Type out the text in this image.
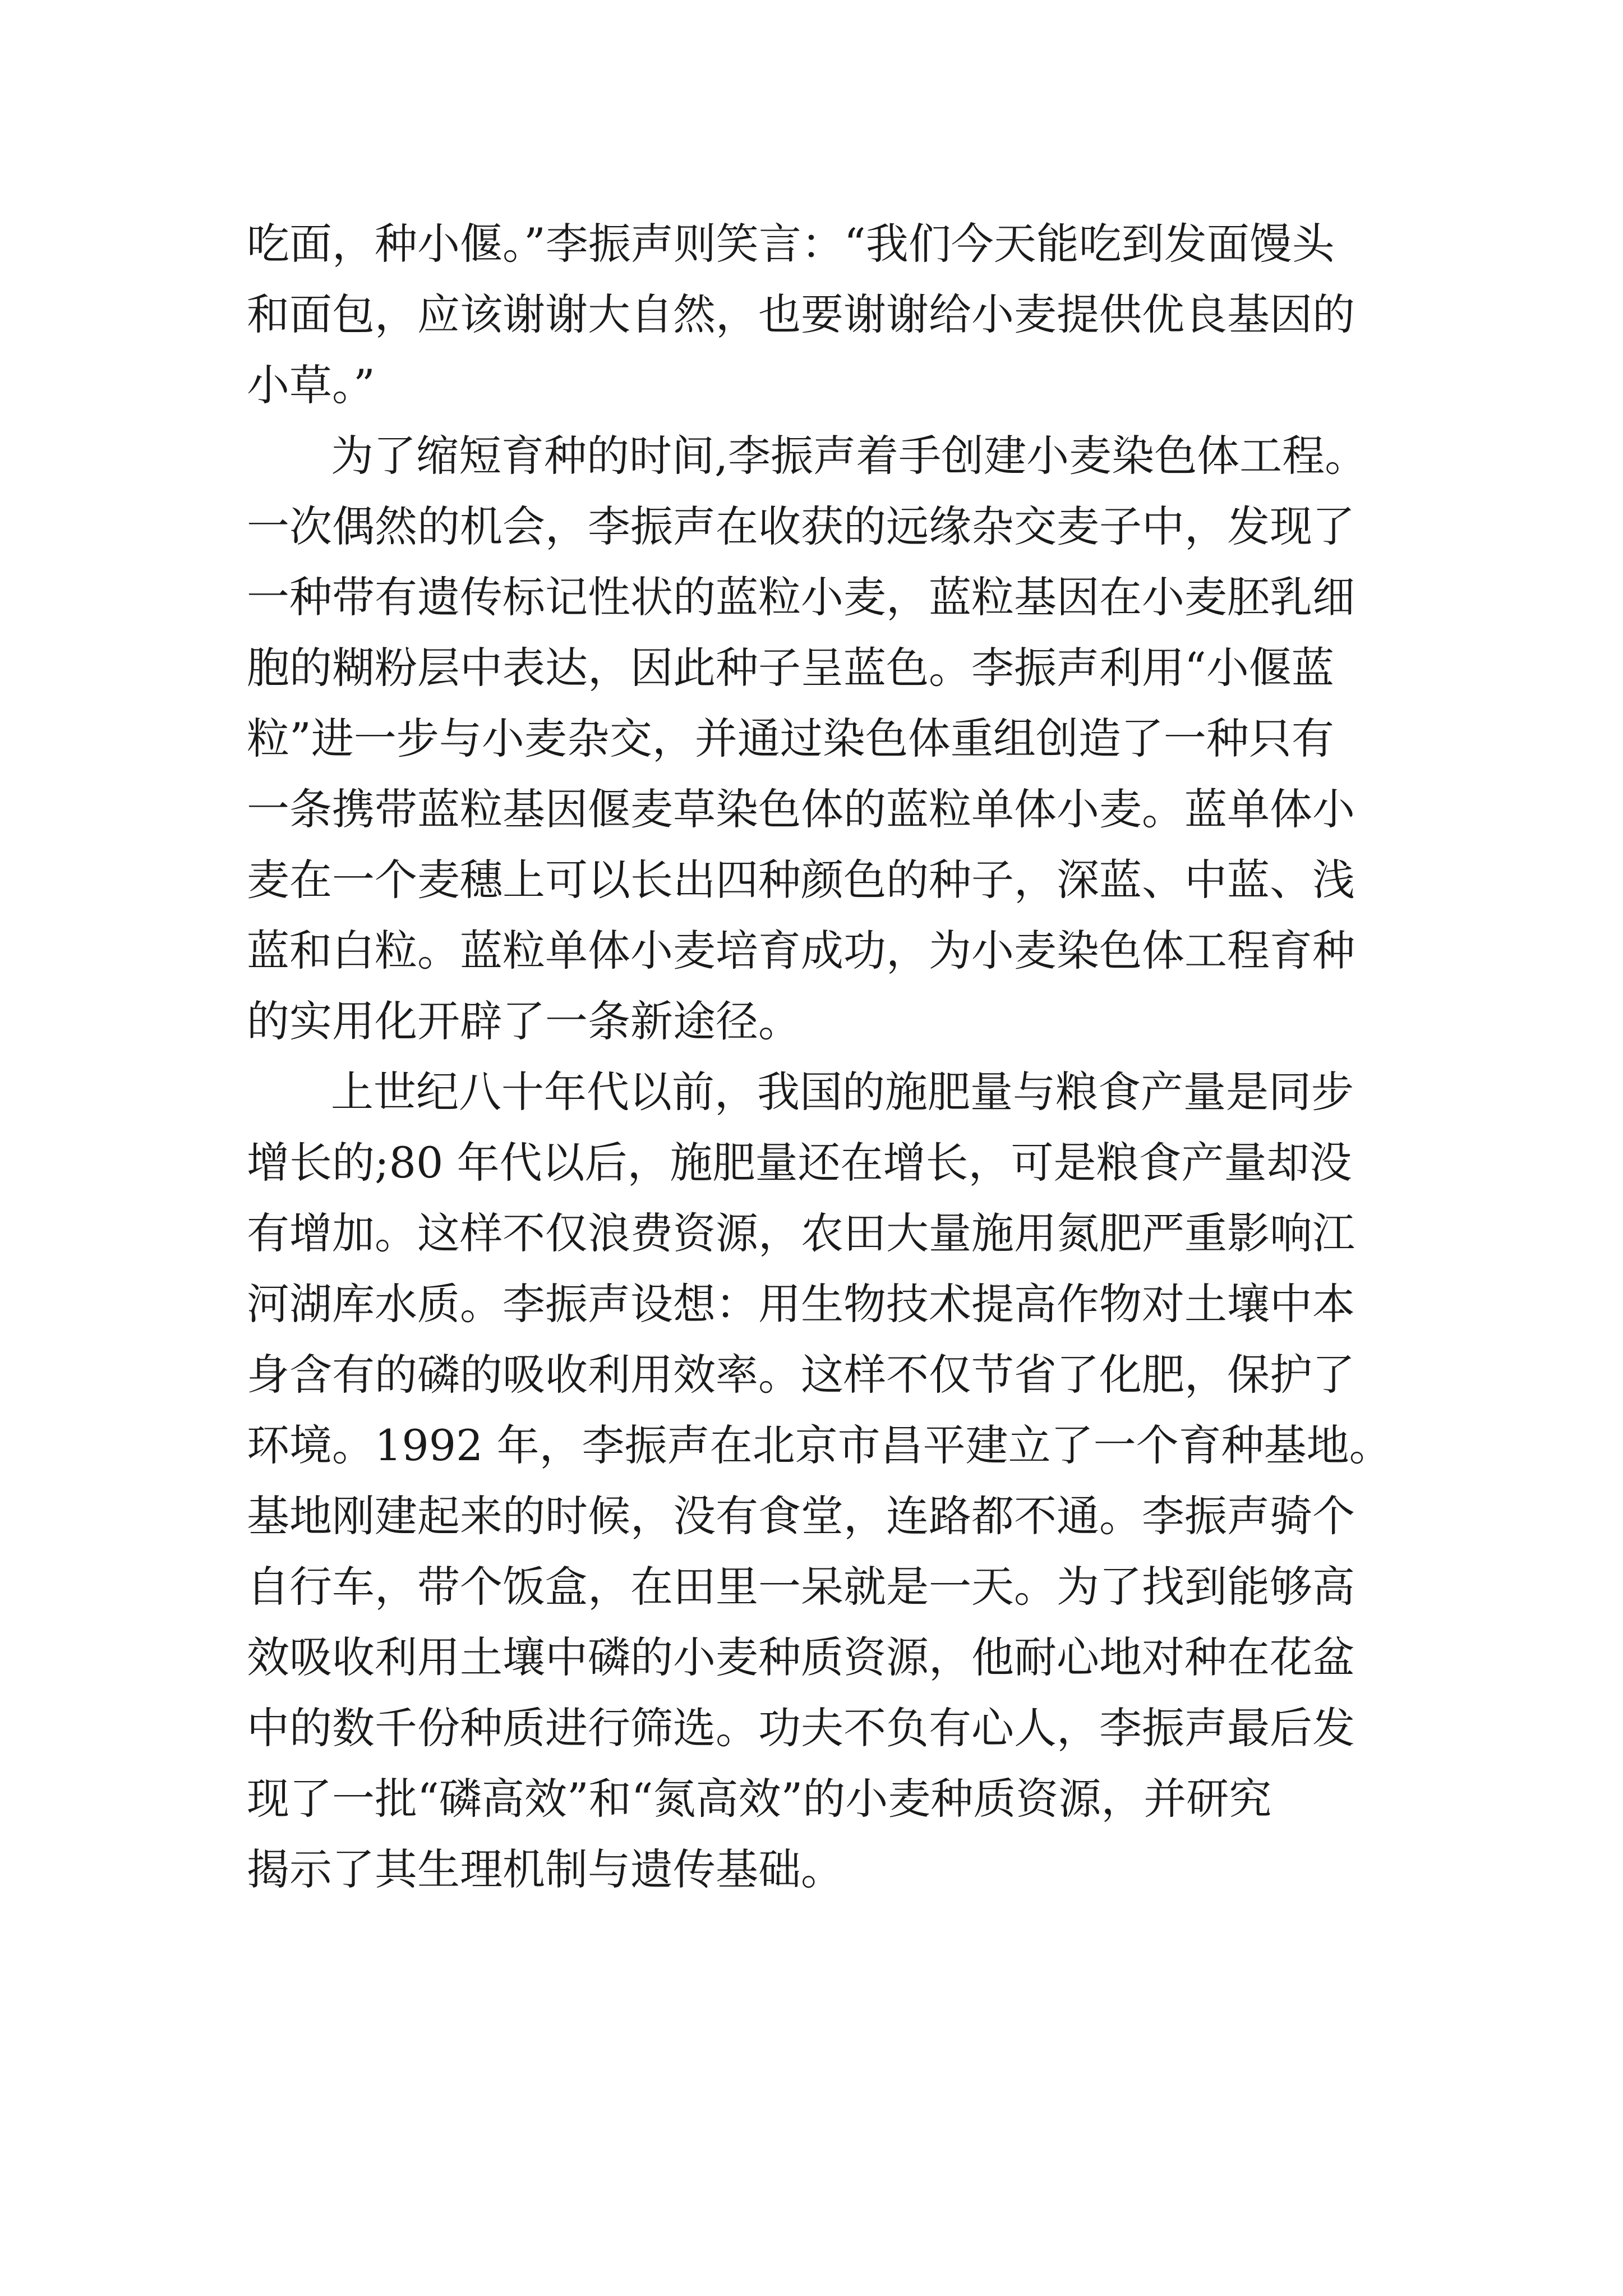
吃面，种小偃。”李振声则笑言：“我们今天能吃到发面馒头
和面包，应该谢谢大自然，也要谢谢给小麦提供优良基因的
小草。”
为了缩短育种的时间,李振声着手创建小麦染色体工程。
一次偶然的机会，李振声在收获的远缘杂交麦子中，发现了
一种带有遗传标记性状的蓝粒小麦，蓝粒基因在小麦胚乳细
胞的糊粉层中表达，因此种子呈蓝色。李振声利用“小偃蓝
粒”进一步与小麦杂交，并通过染色体重组创造了一种只有
一条携带蓝粒基因偃麦草染色体的蓝粒单体小麦。蓝单体小
麦在一个麦穗上可以长出四种颜色的种子，深蓝、中蓝、浅
蓝和白粒。蓝粒单体小麦培育成功，为小麦染色体工程育种
的实用化开辟了一条新途径。
上世纪八十年代以前，我国的施肥量与粮食产量是同步
增长的;80 年代以后，施肥量还在增长，可是粮食产量却没
有增加。这样不仅浪费资源，农田大量施用氮肥严重影响江
河湖库水质。李振声设想：用生物技术提高作物对土壤中本
身含有的磷的吸收利用效率。这样不仅节省了化肥，保护了
环境。1992 年，李振声在北京市昌平建立了一个育种基地。
基地刚建起来的时候，没有食堂，连路都不通。李振声骑个
自行车，带个饭盒，在田里一呆就是一天。为了找到能够高
效吸收利用土壤中磷的小麦种质资源，他耐心地对种在花盆
中的数千份种质进行筛选。功夫不负有心人，李振声最后发
现了一批“磷高效”和“氮高效”的小麦种质资源，并研究
揭示了其生理机制与遗传基础。
